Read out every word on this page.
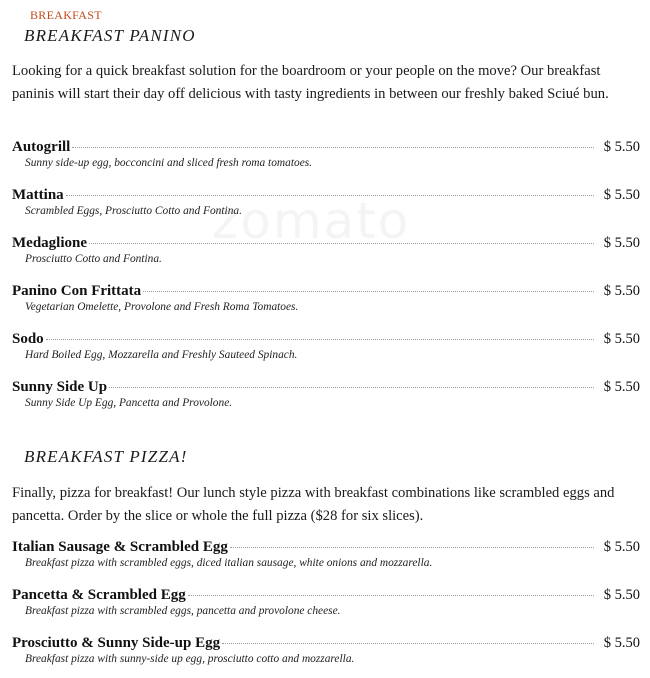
BREAKFAST
BREAKFAST PANINO
Looking for a quick breakfast solution for the boardroom or your people on the move? Our breakfast paninis will start their day off delicious with tasty ingredients in between our freshly baked Sciué bun.
Autogrill	$ 5.50
Sunny side-up egg, bocconcini and sliced fresh roma tomatoes.
Mattina	$ 5.50
Scrambled Eggs, Prosciutto Cotto and Fontina.
Medaglione	$ 5.50
Prosciutto Cotto and Fontina.
Panino Con Frittata	$ 5.50
Vegetarian Omelette, Provolone and Fresh Roma Tomatoes.
Sodo	$ 5.50
Hard Boiled Egg, Mozzarella and Freshly Sauteed Spinach.
Sunny Side Up	$ 5.50
Sunny Side Up Egg, Pancetta and Provolone.
BREAKFAST PIZZA!
Finally, pizza for breakfast! Our lunch style pizza with breakfast combinations like scrambled eggs and pancetta. Order by the slice or whole the full pizza ($28 for six slices).
Italian Sausage & Scrambled Egg	$ 5.50
Breakfast pizza with scrambled eggs, diced italian sausage, white onions and mozzarella.
Pancetta & Scrambled Egg	$ 5.50
Breakfast pizza with scrambled eggs, pancetta and provolone cheese.
Prosciutto & Sunny Side-up Egg	$ 5.50
Breakfast pizza with sunny-side up egg, prosciutto cotto and mozzarella.
